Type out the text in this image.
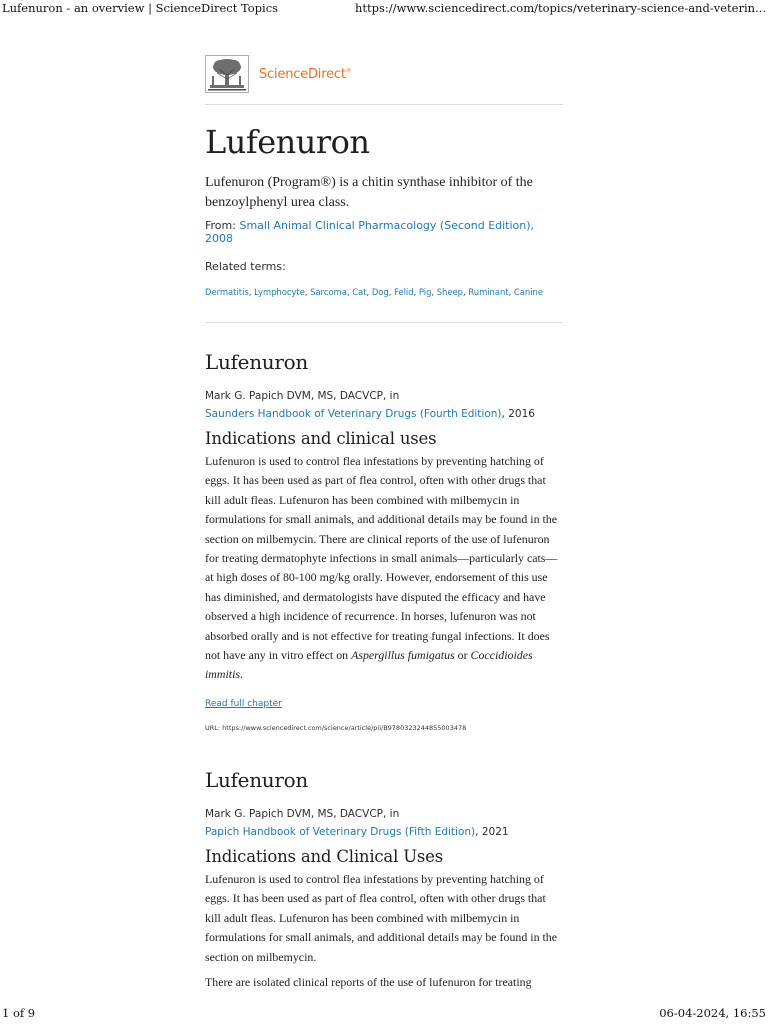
Lufenuron - an overview | ScienceDirect Topics	https://www.sciencedirect.com/topics/veterinary-science-and-veterin...
ScienceDirect®
Lufenuron

Lufenuron (Program®) is a chitin synthase inhibitor of the benzoylphenyl urea class.

From: Small Animal Clinical Pharmacology (Second Edition), 2008

Related terms:

Dermatitis, Lymphocyte, Sarcoma, Cat, Dog, Felid, Pig, Sheep, Ruminant, Canine

Lufenuron

Mark G. Papich DVM, MS, DACVCP, in
Saunders Handbook of Veterinary Drugs (Fourth Edition), 2016

Indications and clinical uses

Lufenuron is used to control flea infestations by preventing hatching of eggs. It has been used as part of flea control, often with other drugs that kill adult fleas. Lufenuron has been combined with milbemycin in formulations for small animals, and additional details may be found in the section on milbemycin. There are clinical reports of the use of lufenuron for treating dermatophyte infections in small animals—particularly cats—at high doses of 80-100 mg/kg orally. However, endorsement of this use has diminished, and dermatologists have disputed the efficacy and have observed a high incidence of recurrence. In horses, lufenuron was not absorbed orally and is not effective for treating fungal infections. It does not have any in vitro effect on Aspergillus fumigatus or Coccidioides immitis.

Read full chapter

URL: https://www.sciencedirect.com/science/article/pii/B9780323244855003478

Lufenuron

Mark G. Papich DVM, MS, DACVCP, in
Papich Handbook of Veterinary Drugs (Fifth Edition), 2021

Indications and Clinical Uses

Lufenuron is used to control flea infestations by preventing hatching of eggs. It has been used as part of flea control, often with other drugs that kill adult fleas. Lufenuron has been combined with milbemycin in formulations for small animals, and additional details may be found in the section on milbemycin.

There are isolated clinical reports of the use of lufenuron for treating

1 of 9	06-04-2024, 16:55
